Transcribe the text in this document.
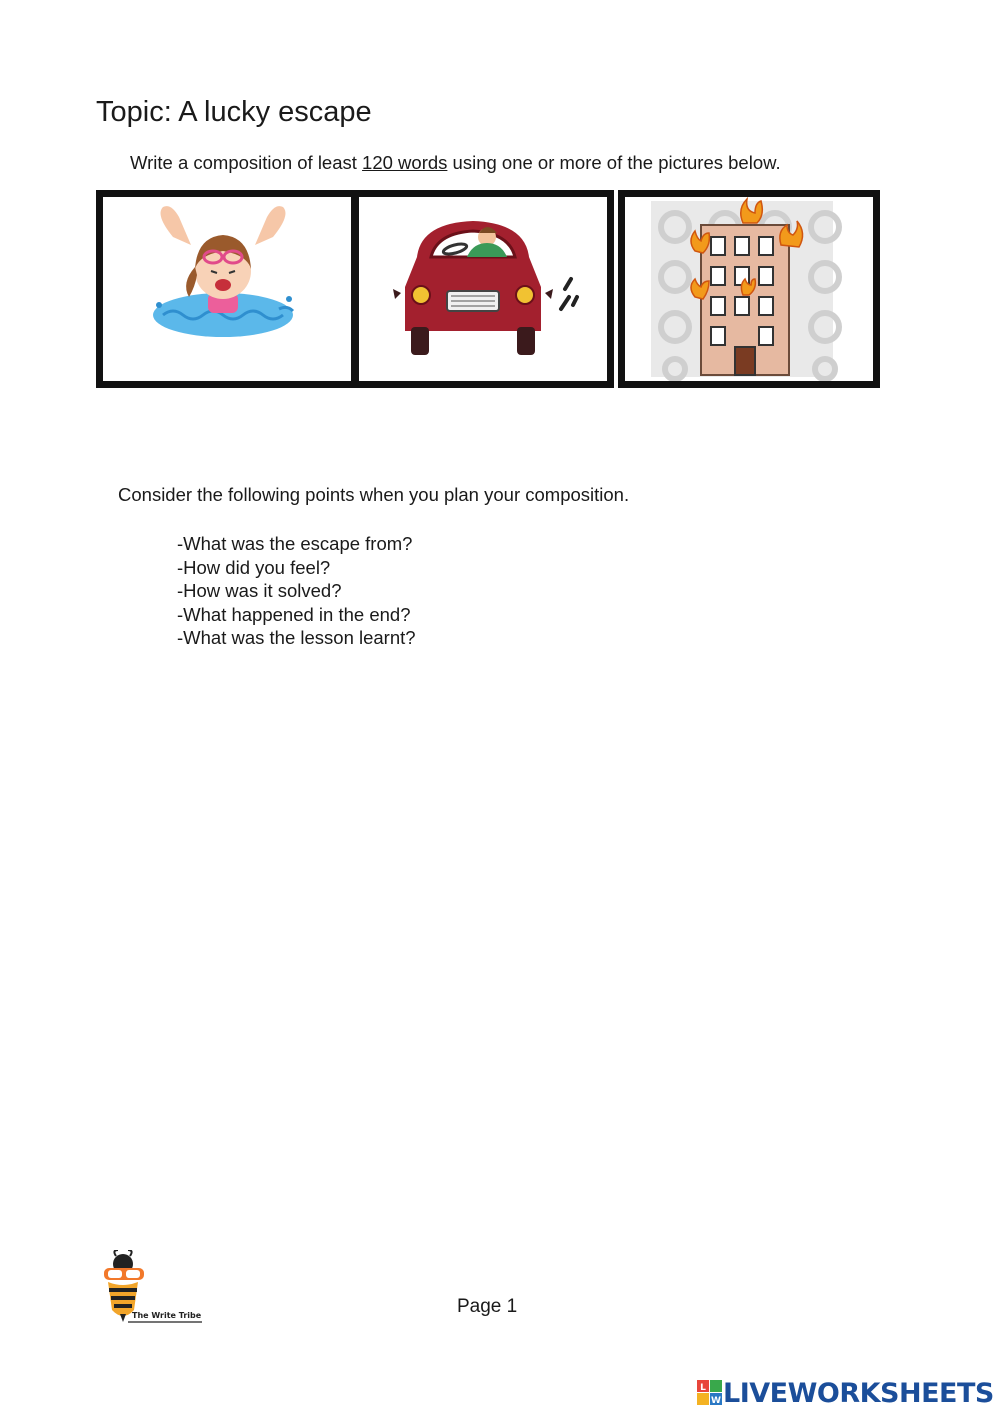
Topic: A lucky escape
Write a composition of least 120 words using one or more of the pictures below.
Consider the following points when you plan your composition.
-What was the escape from?
-How did you feel?
-How was it solved?
-What happened in the end?
-What was the lesson learnt?
The Write Tribe	Page 1
L
W LIVEWORKSHEETS
